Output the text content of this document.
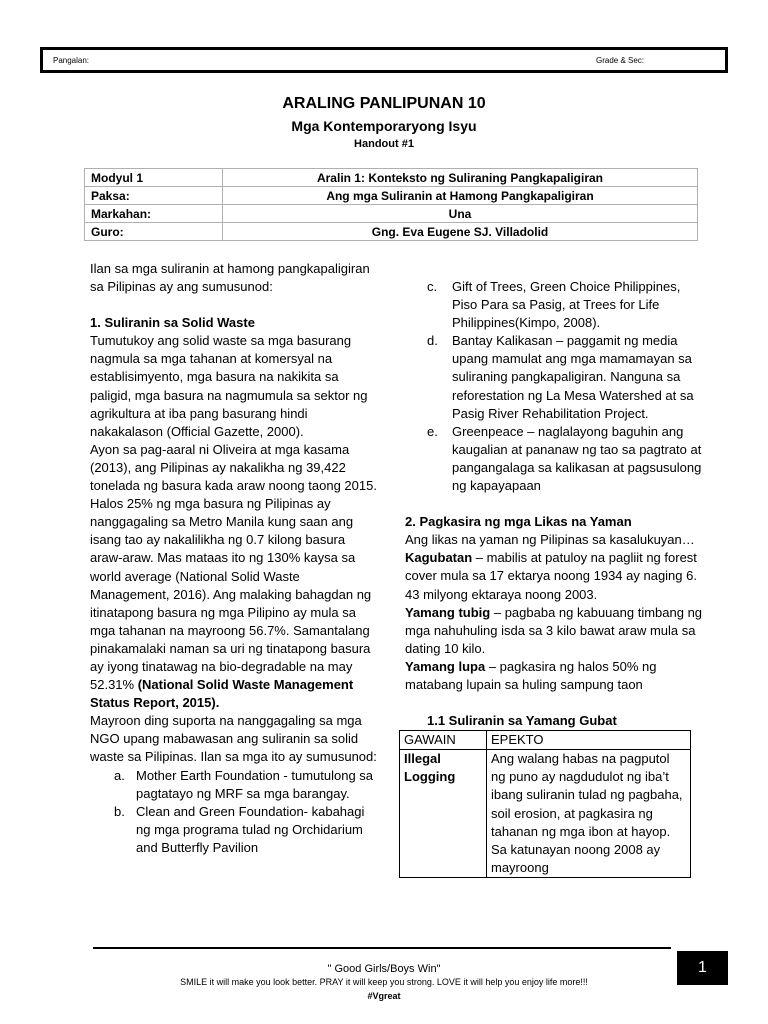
Pangalan:	Grade & Sec:
ARALING PANLIPUNAN 10
Mga Kontemporaryong Isyu
Handout #1
Modyul 1	Aralin 1: Konteksto ng Suliraning Pangkapaligiran
Paksa:	Ang mga Suliranin at Hamong Pangkapaligiran
Markahan:	Una
Guro:	Gng. Eva Eugene SJ. Villadolid

Ilan sa mga suliranin at hamong pangkapaligiran sa Pilipinas ay ang sumusunod:

1. Suliranin sa Solid Waste

Tumutukoy ang solid waste sa mga basurang nagmula sa mga tahanan at komersyal na establisimyento, mga basura na nakikita sa paligid, mga basura na nagmumula sa sektor ng agrikultura at iba pang basurang hindi nakakalason (Official Gazette, 2000).

Ayon sa pag-aaral ni Oliveira at mga kasama (2013), ang Pilipinas ay nakalikha ng 39,422 tonelada ng basura kada araw noong taong 2015. Halos 25% ng mga basura ng Pilipinas ay nanggagaling sa Metro Manila kung saan ang isang tao ay nakalilikha ng 0.7 kilong basura araw-araw. Mas mataas ito ng 130% kaysa sa world average (National Solid Waste Management, 2016). Ang malaking bahagdan ng itinatapong basura ng mga Pilipino ay mula sa mga tahanan na mayroong 56.7%. Samantalang pinakamalaki naman sa uri ng tinatapong basura ay iyong tinatawag na bio-degradable na may 52.31% (National Solid Waste Management Status Report, 2015).

Mayroon ding suporta na nanggagaling sa mga NGO upang mabawasan ang suliranin sa solid waste sa Pilipinas. Ilan sa mga ito ay sumusunod:

a. Mother Earth Foundation - tumutulong sa pagtatayo ng MRF sa mga barangay.
b. Clean and Green Foundation- kabahagi ng mga programa tulad ng Orchidarium and Butterfly Pavilion
c. Gift of Trees, Green Choice Philippines, Piso Para sa Pasig, at Trees for Life Philippines(Kimpo, 2008).
d. Bantay Kalikasan – paggamit ng media upang mamulat ang mga mamamayan sa suliraning pangkapaligiran. Nanguna sa reforestation ng La Mesa Watershed at sa Pasig River Rehabilitation Project.
e. Greenpeace – naglalayong baguhin ang kaugalian at pananaw ng tao sa pagtrato at pangangalaga sa kalikasan at pagsusulong ng kapayapaan

2. Pagkasira ng mga Likas na Yaman

Ang likas na yaman ng Pilipinas sa kasalukuyan…

Kagubatan – mabilis at patuloy na pagliit ng forest cover mula sa 17 ektarya noong 1934 ay naging 6. 43 milyong ektaraya noong 2003.

Yamang tubig – pagbaba ng kabuuang timbang ng mga nahuhuling isda sa 3 kilo bawat araw mula sa dating 10 kilo.

Yamang lupa – pagkasira ng halos 50% ng matabang lupain sa huling sampung taon

1.1 Suliranin sa Yamang Gubat

GAWAIN	EPEKTO
Illegal Logging	Ang walang habas na pagputol ng puno ay nagdudulot ng iba’t ibang suliranin tulad ng pagbaha, soil erosion, at pagkasira ng tahanan ng mga ibon at hayop. Sa katunayan noong 2008 ay mayroong
" Good Girls/Boys Win"
SMILE it will make you look better. PRAY it will keep you strong. LOVE it will help you enjoy life more!!!
#Vgreat
1
